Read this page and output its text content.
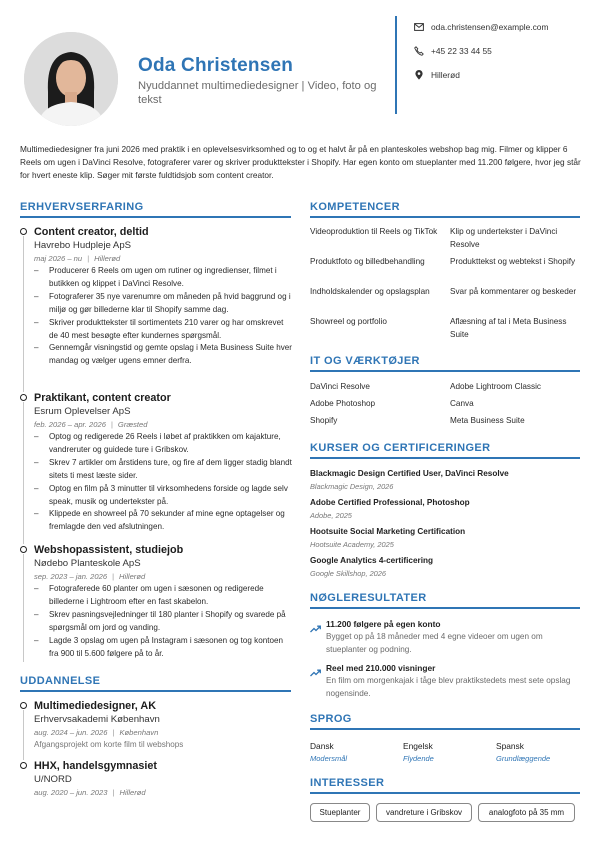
Oda Christensen
Nyuddannet multimediedesigner | Video, foto og tekst
oda.christensen@example.com
+45 22 33 44 55
Hillerød
Multimediedesigner fra juni 2026 med praktik i en oplevelsesvirksomhed og to og et halvt år på en planteskoles webshop bag mig. Filmer og klipper 6 Reels om ugen i DaVinci Resolve, fotograferer varer og skriver produkttekster i Shopify. Har egen konto om stueplanter med 11.200 følgere, hvor jeg står for hvert eneste klip. Søger mit første fuldtidsjob som content creator.
ERHVERVSERFARING
Content creator, deltid
Havrebo Hudpleje ApS
maj 2026 – nu | Hillerød
– Producerer 6 Reels om ugen om rutiner og ingredienser, filmet i butikken og klippet i DaVinci Resolve.
– Fotograferer 35 nye varenumre om måneden på hvid baggrund og i miljø og gør billederne klar til Shopify samme dag.
– Skriver produkttekster til sortimentets 210 varer og har omskrevet de 40 mest besøgte efter kundernes spørgsmål.
– Gennemgår visningstid og gemte opslag i Meta Business Suite hver mandag og vælger ugens emner derfra.
Praktikant, content creator
Esrum Oplevelser ApS
feb. 2026 – apr. 2026 | Græsted
– Optog og redigerede 26 Reels i løbet af praktikken om kajakture, vandreruter og guidede ture i Gribskov.
– Skrev 7 artikler om årstidens ture, og fire af dem ligger stadig blandt sitets ti mest læste sider.
– Optog en film på 3 minutter til virksomhedens forside og lagde selv speak, musik og undertekster på.
– Klippede en showreel på 70 sekunder af mine egne optagelser og fremlagde den ved afslutningen.
Webshopassistent, studiejob
Nødebo Planteskole ApS
sep. 2023 – jan. 2026 | Hillerød
– Fotograferede 60 planter om ugen i sæsonen og redigerede billederne i Lightroom efter en fast skabelon.
– Skrev pasningsvejledninger til 180 planter i Shopify og svarede på spørgsmål om jord og vanding.
– Lagde 3 opslag om ugen på Instagram i sæsonen og tog kontoen fra 900 til 5.600 følgere på to år.
UDDANNELSE
Multimediedesigner, AK
Erhvervsakademi København
aug. 2024 – jun. 2026 | København
Afgangsprojekt om korte film til webshops
HHX, handelsgymnasiet
U/NORD
aug. 2020 – jun. 2023 | Hillerød
KOMPETENCER
Videoproduktion til Reels og TikTok	Klip og undertekster i DaVinci Resolve
Produktfoto og billedbehandling	Produkttekst og webtekst i Shopify
Indholdskalender og opslagsplan	Svar på kommentarer og beskeder
Showreel og portfolio	Aflæsning af tal i Meta Business Suite
IT OG VÆRKTØJER
DaVinci Resolve	Adobe Lightroom Classic
Adobe Photoshop	Canva
Shopify	Meta Business Suite
KURSER OG CERTIFICERINGER
Blackmagic Design Certified User, DaVinci Resolve
Blackmagic Design, 2026
Adobe Certified Professional, Photoshop
Adobe, 2025
Hootsuite Social Marketing Certification
Hootsuite Academy, 2025
Google Analytics 4-certificering
Google Skillshop, 2026
NØGLERESULTATER
11.200 følgere på egen konto
Bygget op på 18 måneder med 4 egne videoer om ugen om stueplanter og podning.
Reel med 210.000 visninger
En film om morgenkajak i tåge blev praktikstedets mest sete opslag nogensinde.
SPROG
Dansk
Modersmål
Engelsk
Flydende
Spansk
Grundlæggende
INTERESSER
Stueplanter	vandreture i Gribskov	analogfoto på 35 mm
